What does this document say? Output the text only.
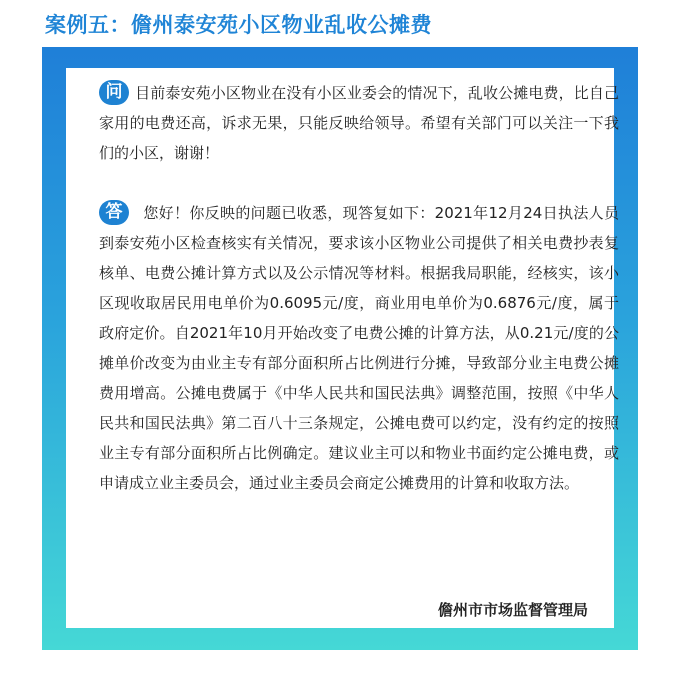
案例五：儋州泰安苑小区物业乱收公摊费
问 目前泰安苑小区物业在没有小区业委会的情况下，乱收公摊电费，比自己家用的电费还高，诉求无果，只能反映给领导。希望有关部门可以关注一下我们的小区，谢谢！
答 您好！你反映的问题已收悉，现答复如下：2021年12月24日执法人员到泰安苑小区检查核实有关情况，要求该小区物业公司提供了相关电费抄表复核单、电费公摊计算方式以及公示情况等材料。根据我局职能，经核实，该小区现收取居民用电单价为0.6095元/度，商业用电单价为0.6876元/度，属于政府定价。自2021年10月开始改变了电费公摊的计算方法，从0.21元/度的公摊单价改变为由业主专有部分面积所占比例进行分摊，导致部分业主电费公摊费用增高。公摊电费属于《中华人民共和国民法典》调整范围，按照《中华人民共和国民法典》第二百八十三条规定，公摊电费可以约定，没有约定的按照业主专有部分面积所占比例确定。建议业主可以和物业书面约定公摊电费，或申请成立业主委员会，通过业主委员会商定公摊费用的计算和收取方法。
儋州市市场监督管理局
